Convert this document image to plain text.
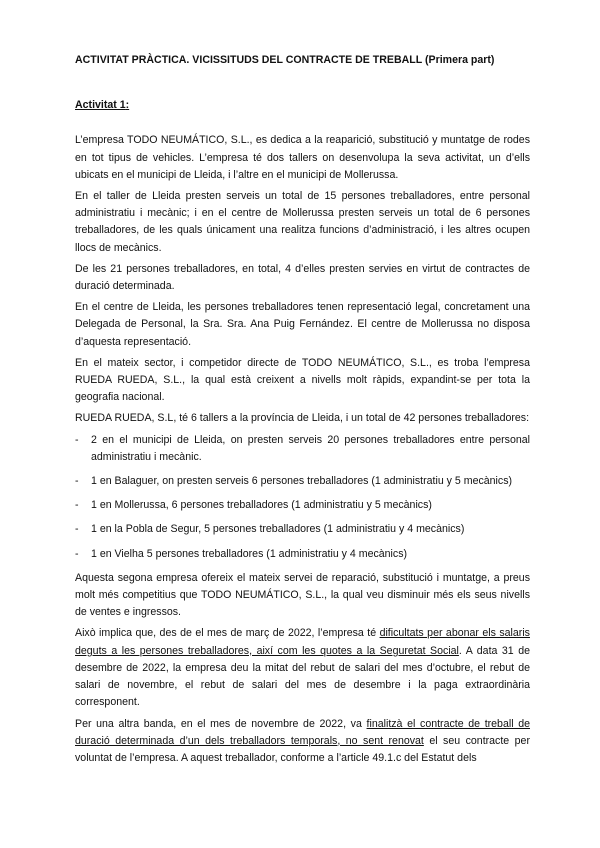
ACTIVITAT PRÀCTICA. VICISSITUDS DEL CONTRACTE DE TREBALL (Primera part)

Activitat 1:

L’empresa TODO NEUMÁTICO, S.L., es dedica a la reaparició, substitució y muntatge de rodes en tot tipus de vehicles. L’empresa té dos tallers on desenvolupa la seva activitat, un d’ells ubicats en el municipi de Lleida, i l’altre en el municipi de Mollerussa.

En el taller de Lleida presten serveis un total de 15 persones treballadores, entre personal administratiu i mecànic; i en el centre de Mollerussa presten serveis un total de 6 persones treballadores, de les quals únicament una realitza funcions d’administració, i les altres ocupen llocs de mecànics.

De les 21 persones treballadores, en total, 4 d’elles presten servies en virtut de contractes de duració determinada.

En el centre de Lleida, les persones treballadores tenen representació legal, concretament una Delegada de Personal, la Sra. Sra. Ana Puig Fernández. El centre de Mollerussa no disposa d’aquesta representació.

En el mateix sector, i competidor directe de TODO NEUMÁTICO, S.L., es troba l’empresa RUEDA RUEDA, S.L., la qual està creixent a nivells molt ràpids, expandint-se per tota la geografia nacional.

RUEDA RUEDA, S.L, té 6 tallers a la província de Lleida, i un total de 42 persones treballadores:

- 2 en el municipi de Lleida, on presten serveis 20 persones treballadores entre personal administratiu i mecànic.
- 1 en Balaguer, on presten serveis 6 persones treballadores (1 administratiu y 5 mecànics)
- 1 en Mollerussa, 6 persones treballadores (1 administratiu y 5 mecànics)
- 1 en la Pobla de Segur, 5 persones treballadores (1 administratiu y 4 mecànics)
- 1 en Vielha 5 persones treballadores (1 administratiu y 4 mecànics)

Aquesta segona empresa ofereix el mateix servei de reparació, substitució i muntatge, a preus molt més competitius que TODO NEUMÁTICO, S.L., la qual veu disminuir més els seus nivells de ventes e ingressos.

Això implica que, des de el mes de març de 2022, l’empresa té dificultats per abonar els salaris deguts a les persones treballadores, així com les quotes a la Seguretat Social. A data 31 de desembre de 2022, la empresa deu la mitat del rebut de salari del mes d’octubre, el rebut de salari de novembre, el rebut de salari del mes de desembre i la paga extraordinària corresponent.

Per una altra banda, en el mes de novembre de 2022, va finalitzà el contracte de treball de duració determinada d’un dels treballadors temporals, no sent renovat el seu contracte per voluntat de l’empresa. A aquest treballador, conforme a l’article 49.1.c del Estatut dels
